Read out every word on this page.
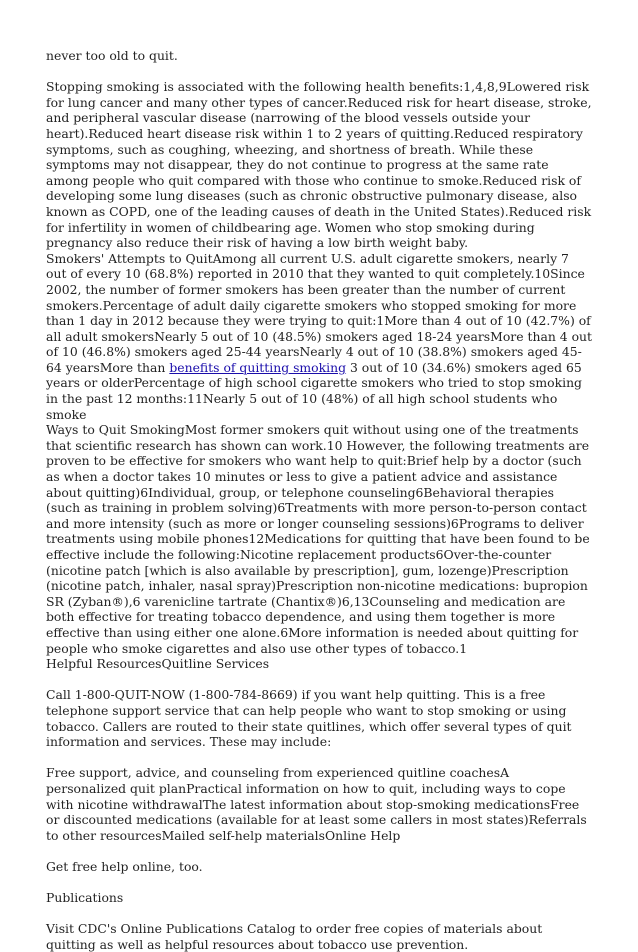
never too old to quit.

Stopping smoking is associated with the following health benefits:1,4,8,9Lowered risk for lung cancer and many other types of cancer.Reduced risk for heart disease, stroke, and peripheral vascular disease (narrowing of the blood vessels outside your heart).Reduced heart disease risk within 1 to 2 years of quitting.Reduced respiratory symptoms, such as coughing, wheezing, and shortness of breath. While these symptoms may not disappear, they do not continue to progress at the same rate among people who quit compared with those who continue to smoke.Reduced risk of developing some lung diseases (such as chronic obstructive pulmonary disease, also known as COPD, one of the leading causes of death in the United States).Reduced risk for infertility in women of childbearing age. Women who stop smoking during pregnancy also reduce their risk of having a low birth weight baby.

Smokers' Attempts to QuitAmong all current U.S. adult cigarette smokers, nearly 7 out of every 10 (68.8%) reported in 2010 that they wanted to quit completely.10Since 2002, the number of former smokers has been greater than the number of current smokers.Percentage of adult daily cigarette smokers who stopped smoking for more than 1 day in 2012 because they were trying to quit:1More than 4 out of 10 (42.7%) of all adult smokersNearly 5 out of 10 (48.5%) smokers aged 18-24 yearsMore than 4 out of 10 (46.8%) smokers aged 25-44 yearsNearly 4 out of 10 (38.8%) smokers aged 45-64 yearsMore than benefits of quitting smoking 3 out of 10 (34.6%) smokers aged 65 years or olderPercentage of high school cigarette smokers who tried to stop smoking in the past 12 months:11Nearly 5 out of 10 (48%) of all high school students who smoke

Ways to Quit SmokingMost former smokers quit without using one of the treatments that scientific research has shown can work.10 However, the following treatments are proven to be effective for smokers who want help to quit:Brief help by a doctor (such as when a doctor takes 10 minutes or less to give a patient advice and assistance about quitting)6Individual, group, or telephone counseling6Behavioral therapies (such as training in problem solving)6Treatments with more person-to-person contact and more intensity (such as more or longer counseling sessions)6Programs to deliver treatments using mobile phones12Medications for quitting that have been found to be effective include the following:Nicotine replacement products6Over-the-counter (nicotine patch [which is also available by prescription], gum, lozenge)Prescription (nicotine patch, inhaler, nasal spray)Prescription non-nicotine medications: bupropion SR (Zyban®),6 varenicline tartrate (Chantix®)6,13Counseling and medication are both effective for treating tobacco dependence, and using them together is more effective than using either one alone.6More information is needed about quitting for people who smoke cigarettes and also use other types of tobacco.1

Helpful ResourcesQuitline Services

Call 1-800-QUIT-NOW (1-800-784-8669) if you want help quitting. This is a free telephone support service that can help people who want to stop smoking or using tobacco. Callers are routed to their state quitlines, which offer several types of quit information and services. These may include:

Free support, advice, and counseling from experienced quitline coachesA personalized quit planPractical information on how to quit, including ways to cope with nicotine withdrawalThe latest information about stop-smoking medicationsFree or discounted medications (available for at least some callers in most states)Referrals to other resourcesMailed self-help materialsOnline Help

Get free help online, too.

Publications

Visit CDC's Online Publications Catalog to order free copies of materials about quitting as well as helpful resources about tobacco use prevention.
